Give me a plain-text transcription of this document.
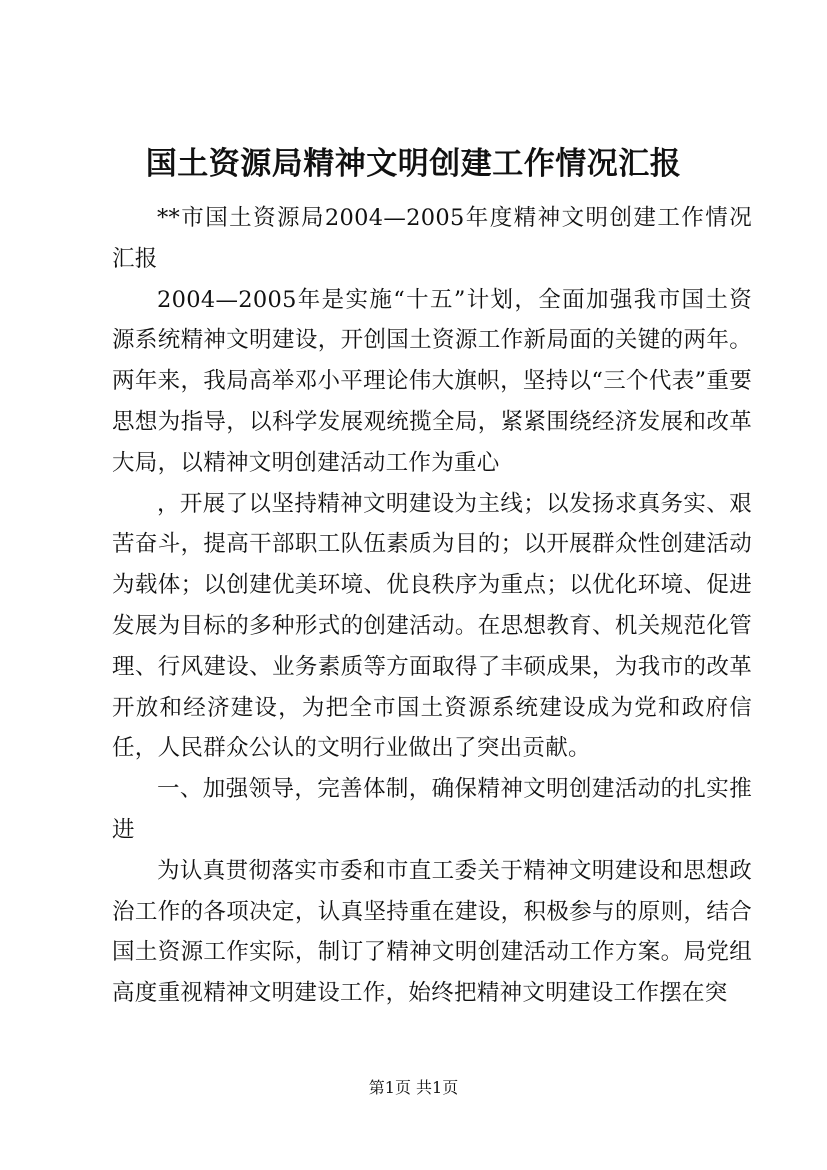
国土资源局精神文明创建工作情况汇报

**市国土资源局2004—2005年度精神文明创建工作情况汇报

2004—2005年是实施“十五”计划，全面加强我市国土资源系统精神文明建设，开创国土资源工作新局面的关键的两年。两年来，我局高举邓小平理论伟大旗帜，坚持以“三个代表”重要思想为指导，以科学发展观统揽全局，紧紧围绕经济发展和改革大局，以精神文明创建活动工作为重心

，开展了以坚持精神文明建设为主线；以发扬求真务实、艰苦奋斗，提高干部职工队伍素质为目的；以开展群众性创建活动为载体；以创建优美环境、优良秩序为重点；以优化环境、促进发展为目标的多种形式的创建活动。在思想教育、机关规范化管理、行风建设、业务素质等方面取得了丰硕成果，为我市的改革开放和经济建设，为把全市国土资源系统建设成为党和政府信任，人民群众公认的文明行业做出了突出贡献。

一、加强领导，完善体制，确保精神文明创建活动的扎实推进

为认真贯彻落实市委和市直工委关于精神文明建设和思想政治工作的各项决定，认真坚持重在建设，积极参与的原则，结合国土资源工作实际，制订了精神文明创建活动工作方案。局党组高度重视精神文明建设工作，始终把精神文明建设工作摆在突

第1页 共1页
